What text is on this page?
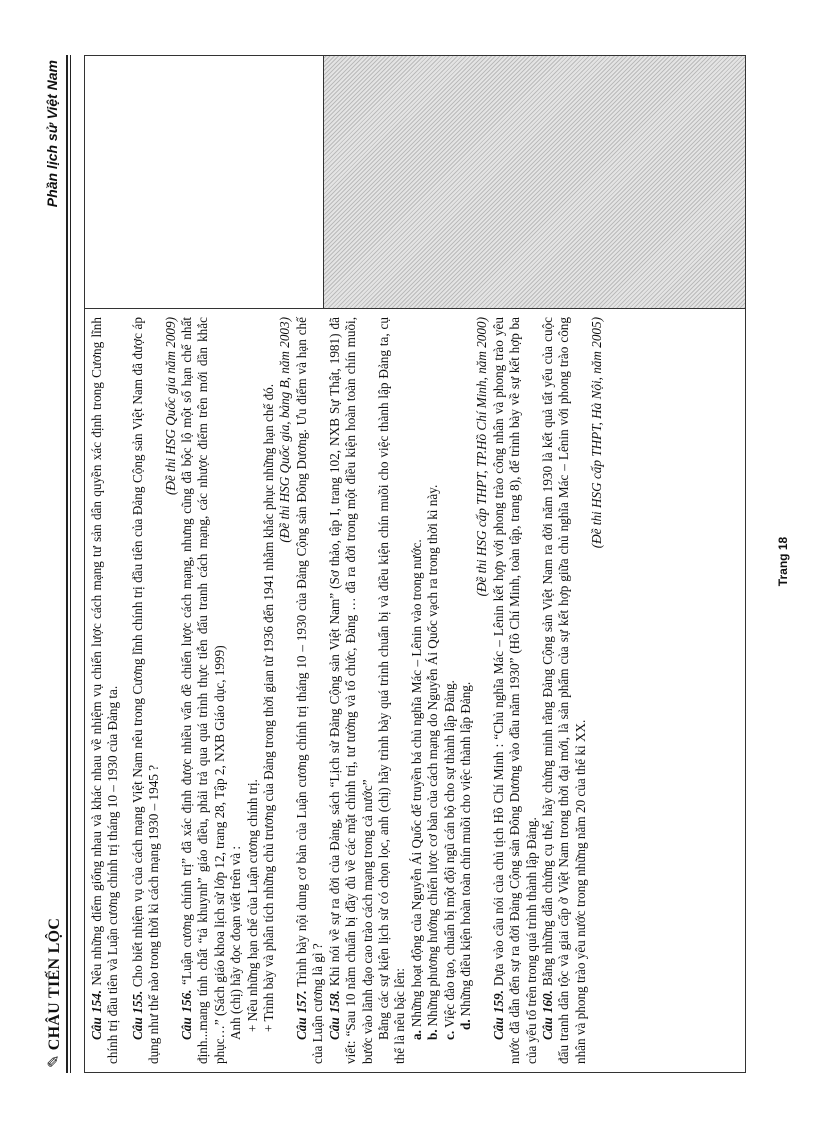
✎CHÂU TIẾN LỘC
Phần lịch sử Việt Nam

Câu 154. Nêu những điểm giống nhau và khác nhau về nhiệm vụ chiến lược cách mạng tư sản dân quyền xác định trong Cương lĩnh chính trị đầu tiên và Luận cương chính trị tháng 10 – 1930 của Đảng ta. Câu 155. Cho biết nhiệm vụ của cách mạng Việt Nam nêu trong Cương lĩnh chính trị đầu tiên của Đảng Cộng sản Việt Nam đã được áp dụng như thế nào trong thời kì cách mạng 1930 – 1945 ?

(Đề thi HSG Quốc gia năm 2009)

Câu 156. “Luận cương chính trị” đã xác định được nhiều vấn đề chiến lược cách mạng, nhưng cũng đã bộc lộ một số hạn chế nhất định...mang tính chất “tả khuynh” giáo điều, phải trả qua quá trình thực tiễn đấu tranh cách mạng, các nhược điểm trên mới dần khắc phục…” (Sách giáo khoa lịch sử lớp 12, trang 28, Tập 2, NXB Giáo dục, 1999) Anh (chị) hãy đọc đoạn viết trên và : + Nêu những hạn chế của Luận cương chính trị. + Trình bày và phân tích những chủ trương của Đảng trong thời gian từ 1936 đến 1941 nhằm khắc phục những hạn chế đó. (Đề thi HSG Quốc gia, bảng B, năm 2003)

Câu 157. Trình bày nội dung cơ bản của Luận cương chính trị tháng 10 – 1930 của Đảng Cộng sản Đông Dương. Ưu điểm và hạn chế của Luận cương là gì ? Câu 158. Khi nói về sự ra đời của Đảng, sách “Lịch sử Đảng Cộng sản Việt Nam” (Sơ thảo, tập I, trang 102, NXB Sự Thật, 1981) đã viết: “Sau 10 năm chuẩn bị đầy đủ về các mặt chính trị, tư tưởng và tổ chức, Đảng … đã ra đời trong một điều kiện hoàn toàn chín muồi, bước vào lãnh đạo cao trào cách mạng trong cả nước” Bằng các sự kiện lịch sử có chọn lọc, anh (chị) hãy trình bày quá trình chuẩn bị và điều kiện chín muồi cho việc thành lập Đảng ta, cụ thể là nêu bậc lên: a.Những hoạt động của Nguyễn Ái Quốc để truyền bá chủ nghĩa Mác – Lênin vào trong nước.

b.Những phương hướng chiến lược cơ bản của cách mạng do Nguyễn Ái Quốc vạch ra trong thời kì này.

c.Việc đào tạo, chuẩn bị một đội ngũ cán bộ cho sự thành lập Đảng. d.Những điều kiện hoàn toàn chín muồi cho việc thành lập Đảng.

(Đề thi HSG cấp THPT, TP.Hồ Chí Minh, năm 2000)

Câu 159. Dựa vào câu nói của chủ tịch Hồ Chí Minh : “Chủ nghĩa Mác – Lênin kết hợp với phong trào công nhân và phong trào yêu nước đã dẫn đến sự ra đời Đảng Cộng sản Đông Dương vào đầu năm 1930” (Hồ Chí Minh, toàn tập, trang 8), để trình bày về sự kết hợp ba của yếu tố trên trong quá trình thành lập Đảng. Câu 160. Bằng những dẫn chứng cụ thể, hãy chứng minh rằng Đảng Cộng sản Việt Nam ra đời năm 1930 là kết quả tất yếu của cuộc đấu tranh dân tộc và giai cấp ở Việt Nam trong thời đại mới, là sản phẩm của sự kết hợp giữa chủ nghĩa Mác – Lênin với phong trào công nhân và phong trào yêu nước trong những năm 20 của thế kỉ XX.

(Đề thi HSG cấp THPT, Hà Nội, năm 2005)

Trang 18
